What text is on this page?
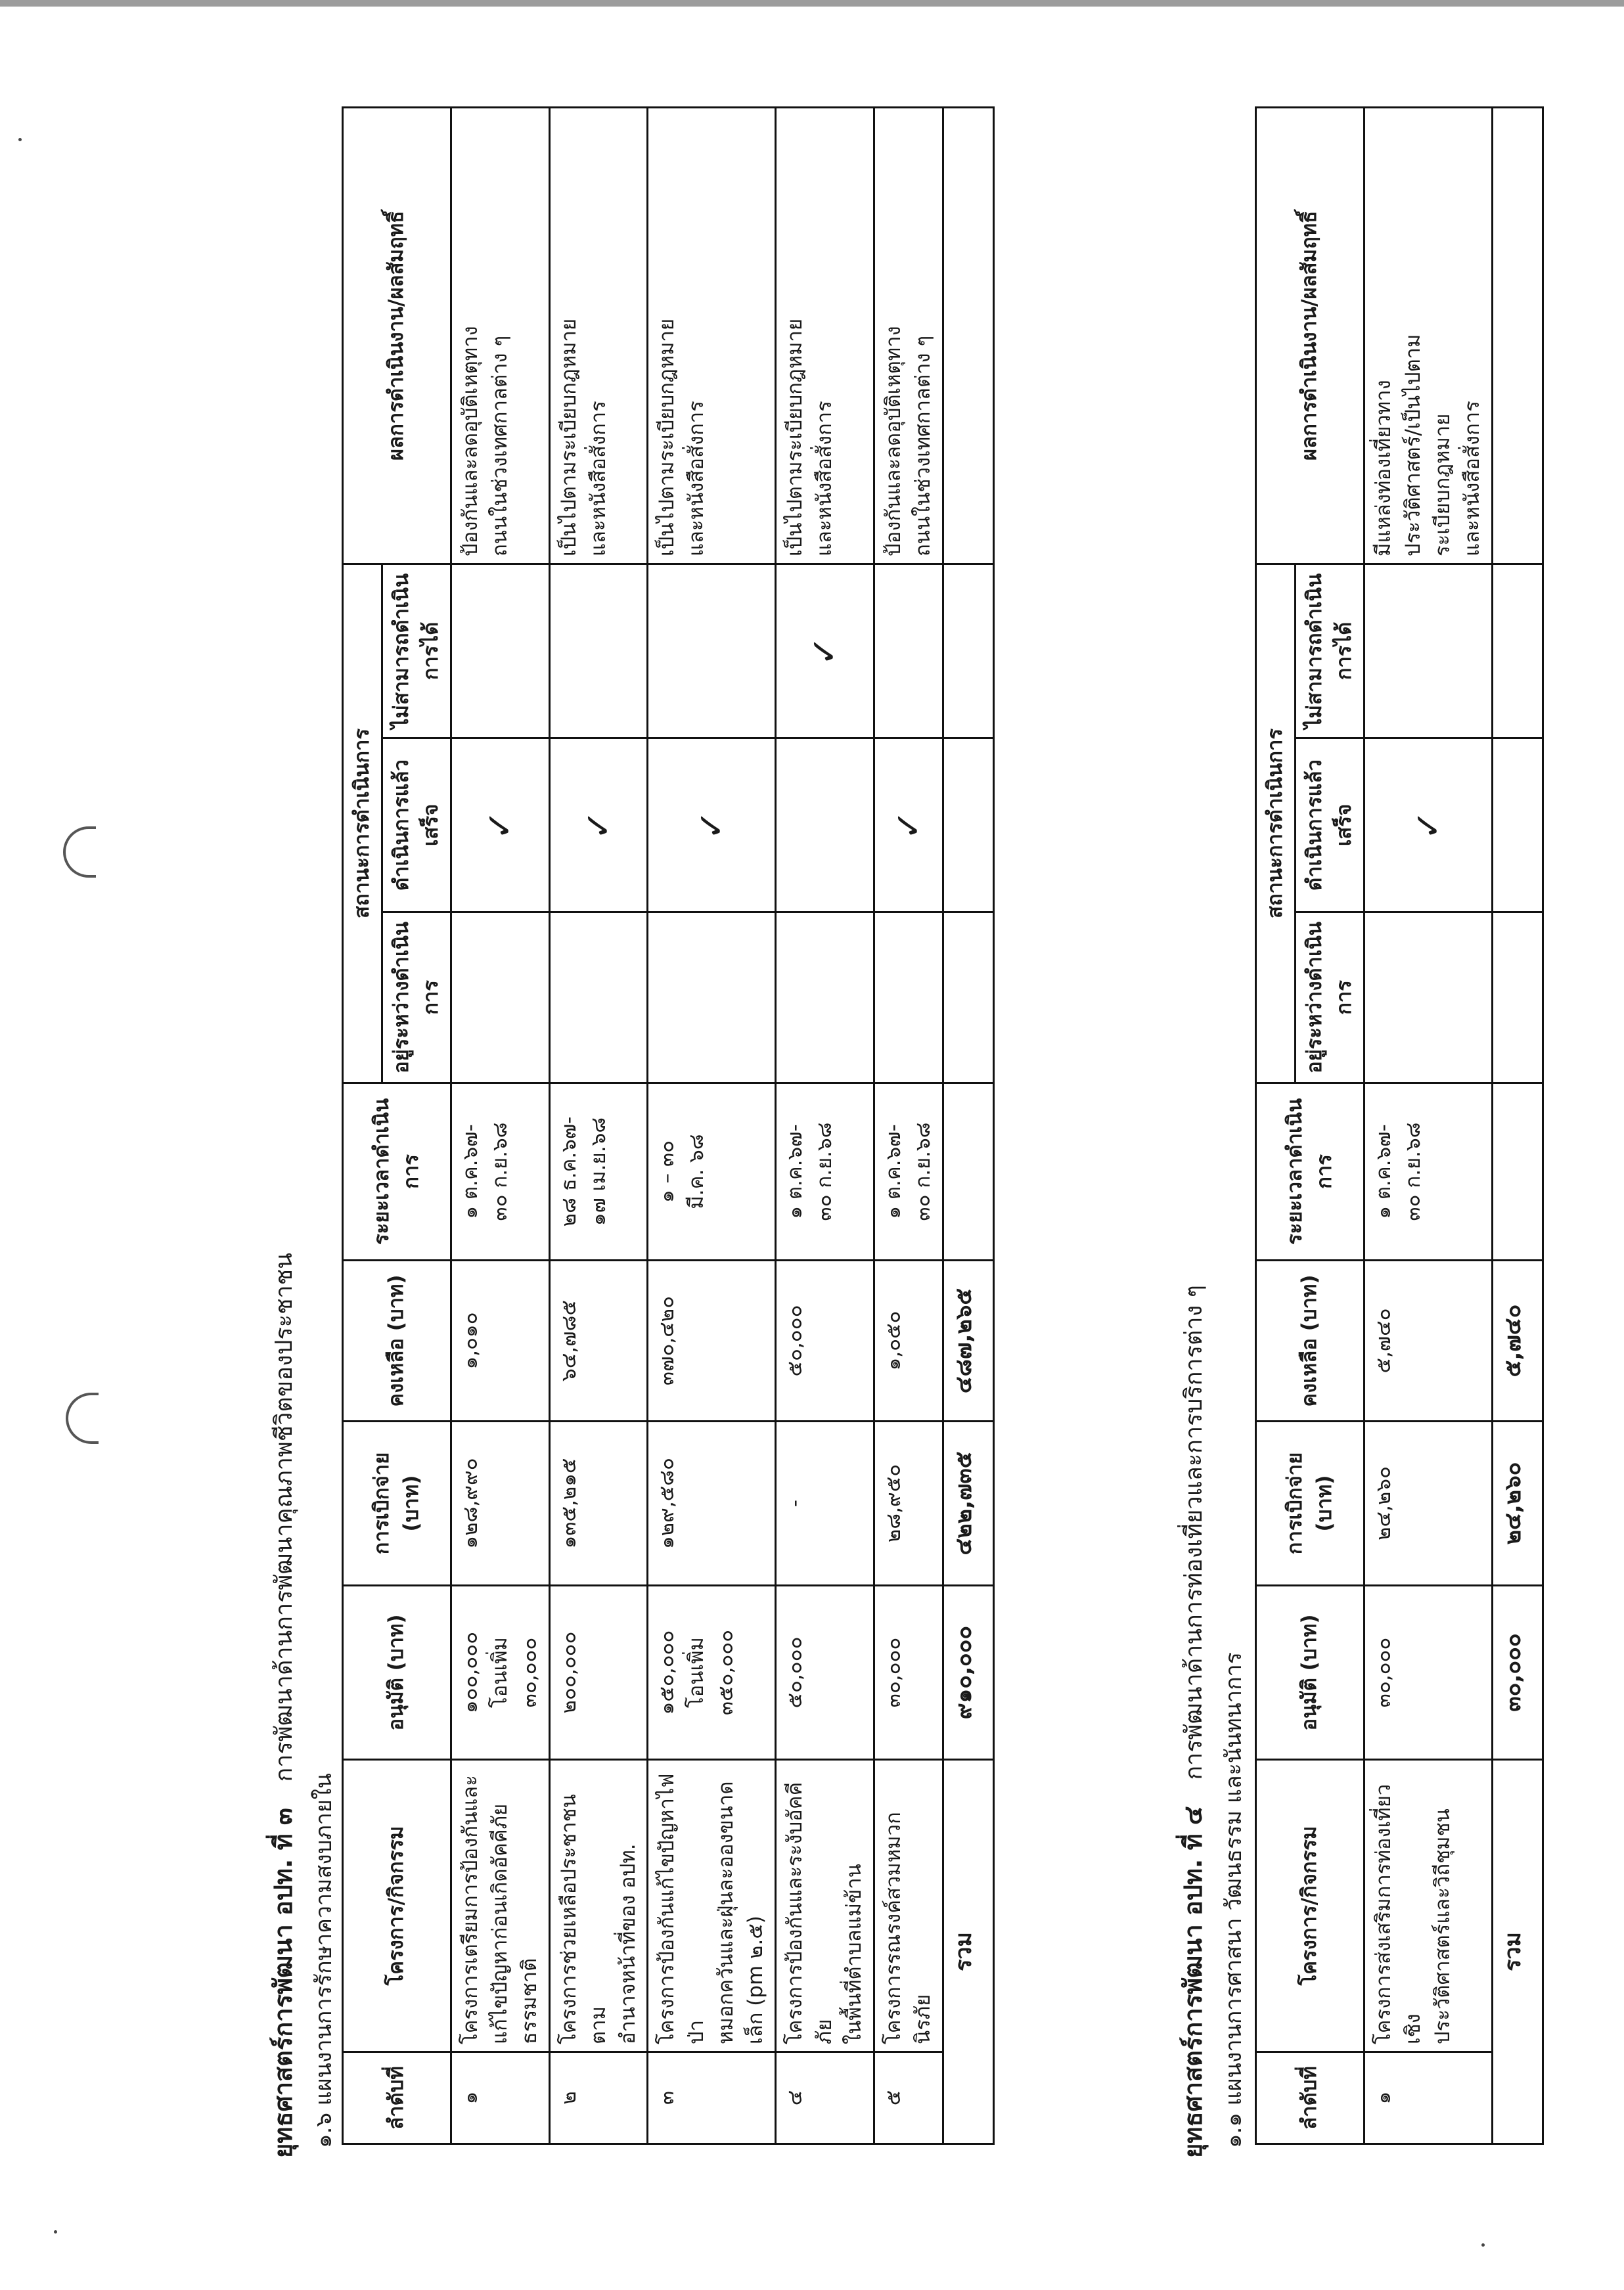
ยุทธศาสตร์การพัฒนา อปท. ที่ ๓   การพัฒนาด้านการพัฒนาคุณภาพชีวิตของประชาชน
๑.๖ แผนงานการรักษาความสงบภายใน ลำดับที่	โครงการ/กิจกรรม	อนุมัติ (บาท)	การเบิกจ่าย (บาท)	คงเหลือ (บาท)	ระยะเวลาดำเนินการ	สถานะการดำเนินการ			ผลการดำเนินงาน/ผลสัมฤทธิ์
						อยู่ระหว่างดำเนินการ	ดำเนินการแล้วเสร็จ	ไม่สามารถดำเนินการได้	
๑	โครงการเตรียมการป้องกันและ แก้ไขปัญหาก่อนเกิดอัคคีภัยธรรมชาติ	๑๐๐,๐๐๐ โอนเพิ่ม ๓๐,๐๐๐	๑๒๘,๙๙๐	๑,๐๑๐	๑ ต.ค.๖๗- ๓๐ ก.ย.๖๘		✓		ป้องกันและลดอุบัติเหตุทาง ถนนในช่วงเทศกาลต่าง ๆ

๒	โครงการช่วยเหลือประชาชนตาม อำนาจหน้าที่ของ อปท.	๒๐๐,๐๐๐	๑๓๕,๒๑๕	๖๔,๗๘๕	๒๘ ธ.ค.๖๗- ๑๗ เม.ย.๖๘		✓		เป็นไปตามระเบียบกฎหมาย และหนังสือสั่งการ

๓	โครงการป้องกันแก้ไขปัญหาไฟป่า หมอกควันและฝุ่นละอองขนาด เล็ก (pm ๒.๕)	๑๕๐,๐๐๐ โอนเพิ่ม ๓๕๐,๐๐๐	๑๒๙,๕๘๐	๓๗๐,๔๒๐	๑ – ๓๐ มี.ค. ๖๘		✓		เป็นไปตามระเบียบกฎหมาย และหนังสือสั่งการ

๔	โครงการป้องกันและระงับอัคคีภัย ในพื้นที่ตำบลแม่ข้าน	๕๐,๐๐๐	-	๕๐,๐๐๐	๑ ต.ค.๖๗- ๓๐ ก.ย.๖๘			✓	เป็นไปตามระเบียบกฎหมาย และหนังสือสั่งการ

๕	โครงการรณรงค์สวมหมวกนิรภัย	๓๐,๐๐๐	๒๘,๙๕๐	๑,๐๕๐	๑ ต.ค.๖๗- ๓๐ ก.ย.๖๘		✓		ป้องกันและลดอุบัติเหตุทาง ถนนในช่วงเทศกาลต่าง ๆ

รวม		๙๑๐,๐๐๐	๔๒๒,๗๓๕	๔๘๗,๒๖๕					
ยุทธศาสตร์การพัฒนา อปท. ที่ ๔   การพัฒนาด้านการท่องเที่ยวและการบริการต่าง ๆ
๑.๑ แผนงานการศาสนา วัฒนธรรม และนันทนาการ ลำดับที่	โครงการ/กิจกรรม	อนุมัติ (บาท)	การเบิกจ่าย (บาท)	คงเหลือ (บาท)	ระยะเวลาดำเนินการ	สถานะการดำเนินการ			ผลการดำเนินงาน/ผลสัมฤทธิ์
						อยู่ระหว่างดำเนินการ	ดำเนินการแล้วเสร็จ	ไม่สามารถดำเนินการได้	
๑	โครงการส่งเสริมการท่องเที่ยวเชิง ประวัติศาสตร์และวิถีชุมชน	๓๐,๐๐๐	๒๔,๒๖๐	๕,๗๔๐	๑ ต.ค.๖๗- ๓๐ ก.ย.๖๘		✓		มีแหล่งท่องเที่ยวทาง ประวัติศาสตร์/เป็นไปตาม ระเบียบกฎหมาย และหนังสือสั่งการ

รวม		๓๐,๐๐๐	๒๔,๒๖๐	๕,๗๔๐					
